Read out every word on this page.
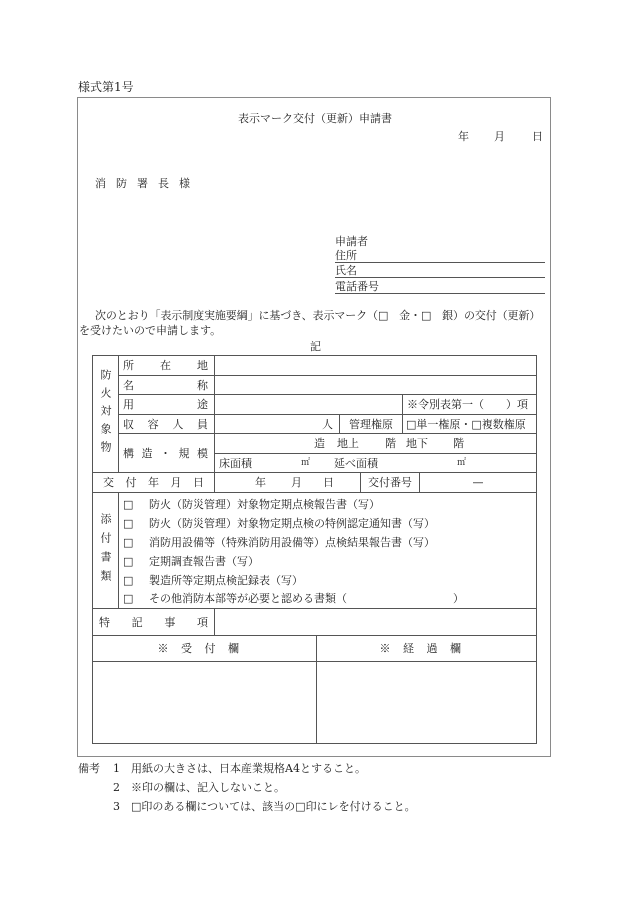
様式第1号
表示マーク交付（更新）申請書
年 月 日
消防署長様
申請者
住所
氏名
電話番号
次のとおり「表示制度実施要綱」に基づき、表示マーク（□　金・□　銀）の交付（更新）
を受けたいので申請します。
記
防火対象物
所 在 地
名 称
用 途	※令別表第一（　　）項
収 容 人 員	人	管理権原	□単一権原・□複数権原
構 造 ・ 規 模
造 地上 階 地下 階
床面積	㎡ 延べ面積	㎡
交 付 年 月 日	年 月 日	交付番号	—
添付書類
□ 防火（防災管理）対象物定期点検報告書（写）
□ 防火（防災管理）対象物定期点検の特例認定通知書（写）
□ 消防用設備等（特殊消防用設備等）点検結果報告書（写）
□ 定期調査報告書（写）
□ 製造所等定期点検記録表（写）
□ その他消防本部等が必要と認める書類（	）
特 記 事 項
※受付欄	※経過欄
備考 1 用紙の大きさは、日本産業規格A4とすること。
2 ※印の欄は、記入しないこと。
3 □印のある欄については、該当の□印にレを付けること。
